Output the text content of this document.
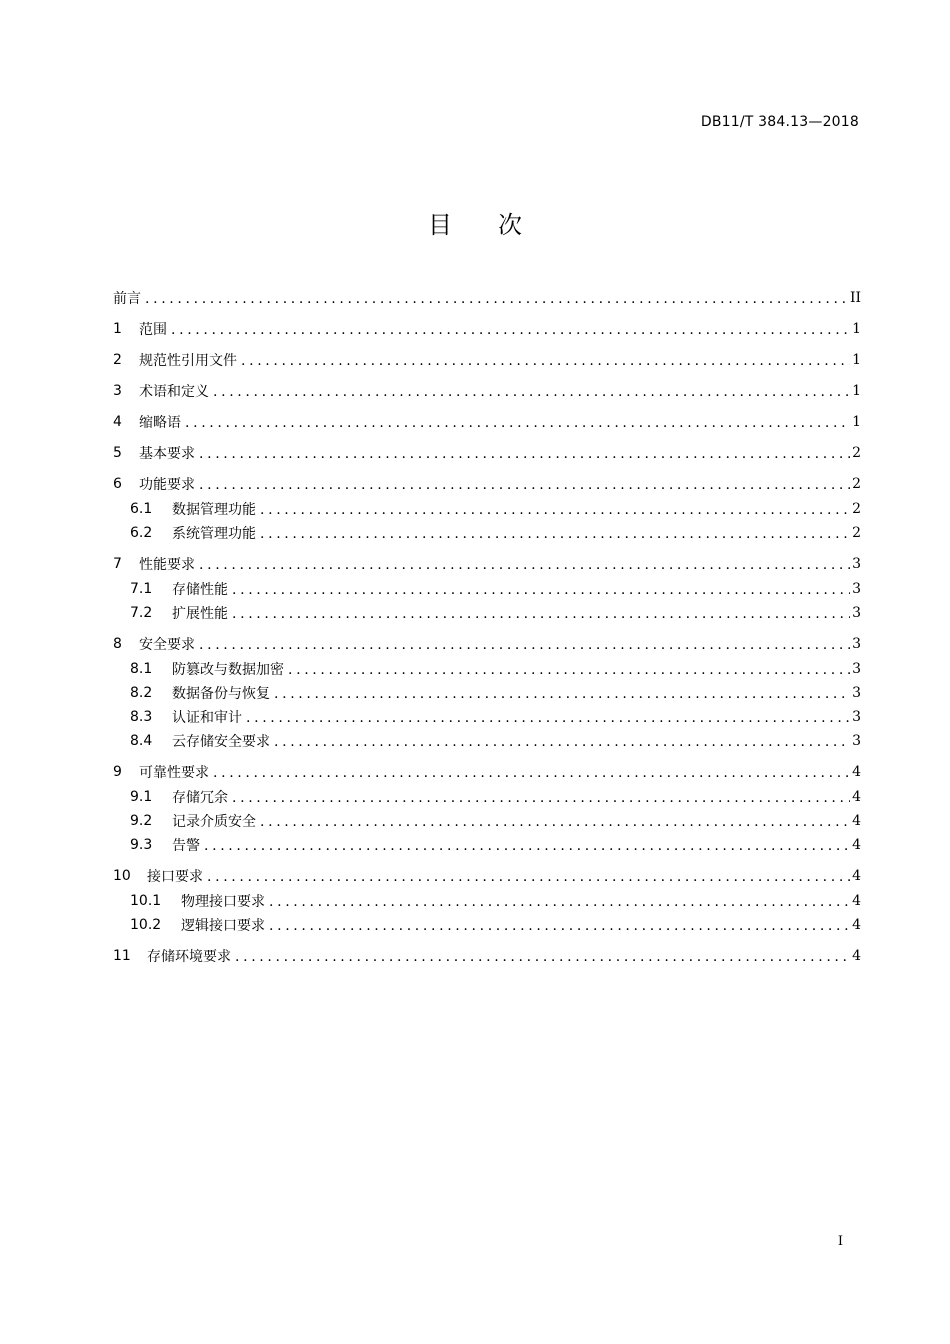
DB11/T 384.13—2018
目 次
前言 . . .	II
1	范围 . . .	1
2	规范性引用文件 . . .	1
3	术语和定义 . . .	1
4	缩略语 . . .	1
5	基本要求 . . .	2
6	功能要求 . . .	2
6.1	数据管理功能 . . .	2
6.2	系统管理功能 . . .	2
7	性能要求 . . .	3
7.1	存储性能 . . .	3
7.2	扩展性能 . . .	3
8	安全要求 . . .	3
8.1	防篡改与数据加密 . . .	3
8.2	数据备份与恢复 . . .	3
8.3	认证和审计 . . .	3
8.4	云存储安全要求 . . .	3
9	可靠性要求 . . .	4
9.1	存储冗余 . . .	4
9.2	记录介质安全 . . .	4
9.3	告警 . . .	4
10	接口要求 . . .	4
10.1	物理接口要求 . . .	4
10.2	逻辑接口要求 . . .	4
11	存储环境要求 . . .	4
I
